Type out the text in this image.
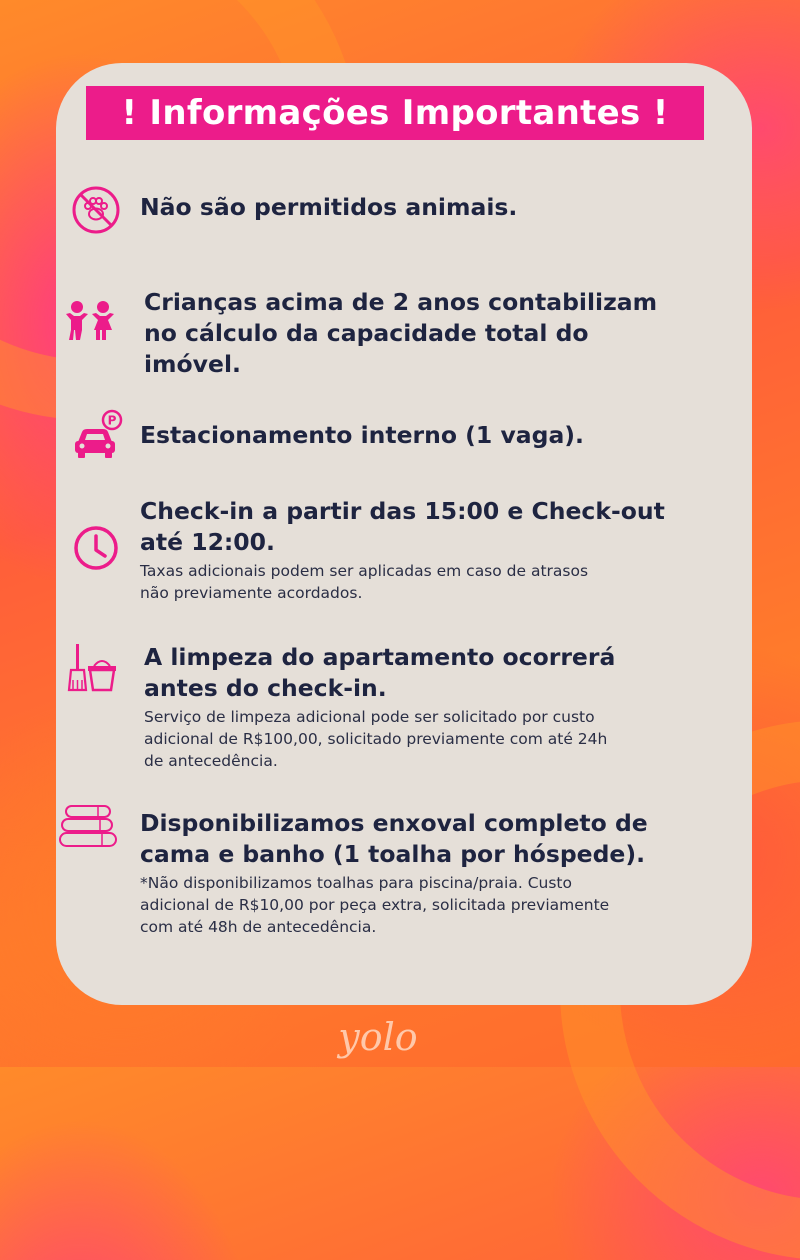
! Informações Importantes !
Não são permitidos animais.
Crianças acima de 2 anos contabilizam
no cálculo da capacidade total do
imóvel.
P
Estacionamento interno (1 vaga).
Check-in a partir das 15:00 e Check-out
até 12:00.
Taxas adicionais podem ser aplicadas em caso de atrasos
não previamente acordados.
A limpeza do apartamento ocorrerá
antes do check-in.
Serviço de limpeza adicional pode ser solicitado por custo
adicional de R$100,00, solicitado previamente com até 24h
de antecedência.
Disponibilizamos enxoval completo de
cama e banho (1 toalha por hóspede).
*Não disponibilizamos toalhas para piscina/praia. Custo
adicional de R$10,00 por peça extra, solicitada previamente
com até 48h de antecedência.
yolo
